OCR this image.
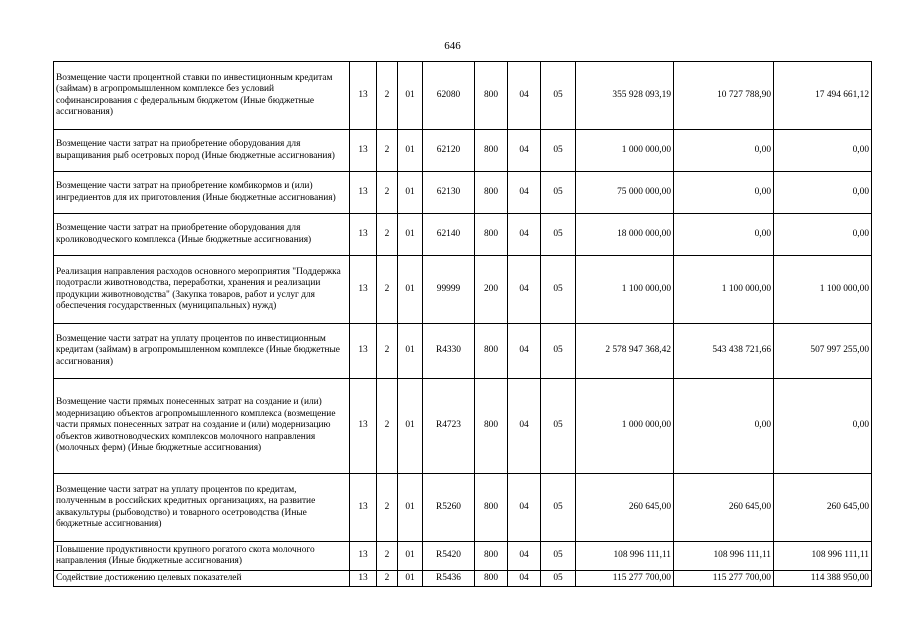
646
Возмещение части процентной ставки по инвестиционным кредитам (займам) в агропромышленном комплексе без условий софинансирования с федеральным бюджетом (Иные бюджетные ассигнования)	13	2	01	62080	800	04	05	355 928 093,19	10 727 788,90	17 494 661,12
Возмещение части затрат на приобретение оборудования для выращивания рыб осетровых пород (Иные бюджетные ассигнования)	13	2	01	62120	800	04	05	1 000 000,00	0,00	0,00
Возмещение части затрат на приобретение комбикормов и (или) ингредиентов для их приготовления (Иные бюджетные ассигнования)	13	2	01	62130	800	04	05	75 000 000,00	0,00	0,00
Возмещение части затрат на приобретение оборудования для кролиководческого комплекса (Иные бюджетные ассигнования)	13	2	01	62140	800	04	05	18 000 000,00	0,00	0,00
Реализация направления расходов основного мероприятия "Поддержка подотрасли животноводства, переработки, хранения и реализации продукции животноводства" (Закупка товаров, работ и услуг для обеспечения государственных (муниципальных) нужд)	13	2	01	99999	200	04	05	1 100 000,00	1 100 000,00	1 100 000,00
Возмещение части затрат на уплату процентов по инвестиционным кредитам (займам) в агропромышленном комплексе (Иные бюджетные ассигнования)	13	2	01	R4330	800	04	05	2 578 947 368,42	543 438 721,66	507 997 255,00
Возмещение части прямых понесенных затрат на создание и (или) модернизацию объектов агропромышленного комплекса (возмещение части прямых понесенных затрат на создание и (или) модернизацию объектов животноводческих комплексов молочного направления (молочных ферм) (Иные бюджетные ассигнования)	13	2	01	R4723	800	04	05	1 000 000,00	0,00	0,00
Возмещение части затрат на уплату процентов по кредитам, полученным в российских кредитных организациях, на развитие аквакультуры (рыбоводство) и товарного осетроводства (Иные бюджетные ассигнования)	13	2	01	R5260	800	04	05	260 645,00	260 645,00	260 645,00
Повышение продуктивности крупного рогатого скота молочного направления (Иные бюджетные ассигнования)	13	2	01	R5420	800	04	05	108 996 111,11	108 996 111,11	108 996 111,11
Содействие достижению целевых показателей	13	2	01	R5436	800	04	05	115 277 700,00	115 277 700,00	114 388 950,00
